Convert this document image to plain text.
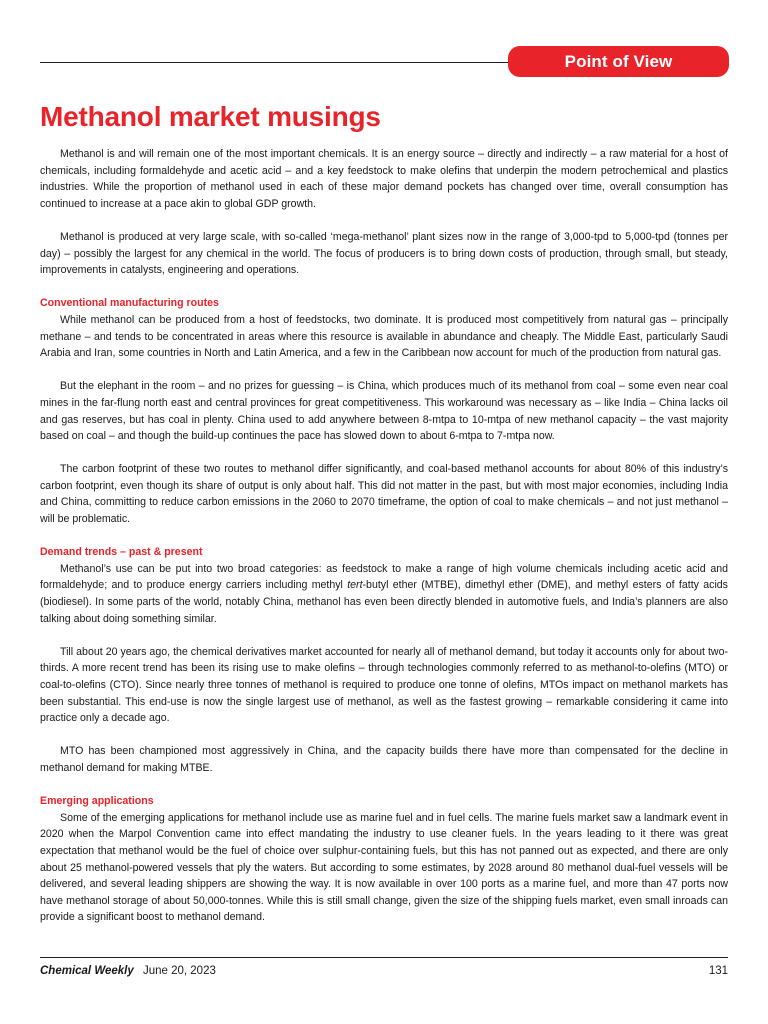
Point of View
Methanol market musings

Methanol is and will remain one of the most important chemicals. It is an energy source – directly and indirectly – a raw material for a host of chemicals, including formaldehyde and acetic acid – and a key feedstock to make olefins that underpin the modern petrochemical and plastics industries. While the proportion of methanol used in each of these major demand pockets has changed over time, overall consumption has continued to increase at a pace akin to global GDP growth.

Methanol is produced at very large scale, with so-called ‘mega-methanol’ plant sizes now in the range of 3,000-tpd to 5,000-tpd (tonnes per day) – possibly the largest for any chemical in the world. The focus of producers is to bring down costs of production, through small, but steady, improvements in catalysts, engineering and operations.

Conventional manufacturing routes

While methanol can be produced from a host of feedstocks, two dominate. It is produced most competitively from natural gas – principally methane – and tends to be concentrated in areas where this resource is available in abundance and cheaply. The Middle East, particularly Saudi Arabia and Iran, some countries in North and Latin America, and a few in the Caribbean now account for much of the production from natural gas.

But the elephant in the room – and no prizes for guessing – is China, which produces much of its methanol from coal – some even near coal mines in the far-flung north east and central provinces for great competitiveness. This workaround was necessary as – like India – China lacks oil and gas reserves, but has coal in plenty. China used to add anywhere between 8-mtpa to 10-mtpa of new methanol capacity – the vast majority based on coal – and though the build-up continues the pace has slowed down to about 6-mtpa to 7-mtpa now.

The carbon footprint of these two routes to methanol differ significantly, and coal-based methanol accounts for about 80% of this industry’s carbon footprint, even though its share of output is only about half. This did not matter in the past, but with most major economies, including India and China, committing to reduce carbon emissions in the 2060 to 2070 timeframe, the option of coal to make chemicals – and not just methanol – will be problematic.

Demand trends – past & present

Methanol’s use can be put into two broad categories: as feedstock to make a range of high volume chemicals including acetic acid and formaldehyde; and to produce energy carriers including methyl tert-butyl ether (MTBE), dimethyl ether (DME), and methyl esters of fatty acids (biodiesel). In some parts of the world, notably China, methanol has even been directly blended in automotive fuels, and India’s planners are also talking about doing something similar.

Till about 20 years ago, the chemical derivatives market accounted for nearly all of methanol demand, but today it accounts only for about two-thirds. A more recent trend has been its rising use to make olefins – through technologies commonly referred to as methanol-to-olefins (MTO) or coal-to-olefins (CTO). Since nearly three tonnes of methanol is required to produce one tonne of olefins, MTOs impact on methanol markets has been substantial. This end-use is now the single largest use of methanol, as well as the fastest growing – remarkable considering it came into practice only a decade ago.

MTO has been championed most aggressively in China, and the capacity builds there have more than compensated for the decline in methanol demand for making MTBE.

Emerging applications

Some of the emerging applications for methanol include use as marine fuel and in fuel cells. The marine fuels market saw a landmark event in 2020 when the Marpol Convention came into effect mandating the industry to use cleaner fuels. In the years leading to it there was great expectation that methanol would be the fuel of choice over sulphur-containing fuels, but this has not panned out as expected, and there are only about 25 methanol-powered vessels that ply the waters. But according to some estimates, by 2028 around 80 methanol dual-fuel vessels will be delivered, and several leading shippers are showing the way. It is now available in over 100 ports as a marine fuel, and more than 47 ports now have methanol storage of about 50,000-tonnes. While this is still small change, given the size of the shipping fuels market, even small inroads can provide a significant boost to methanol demand.

Chemical Weekly June 20, 2023	131
